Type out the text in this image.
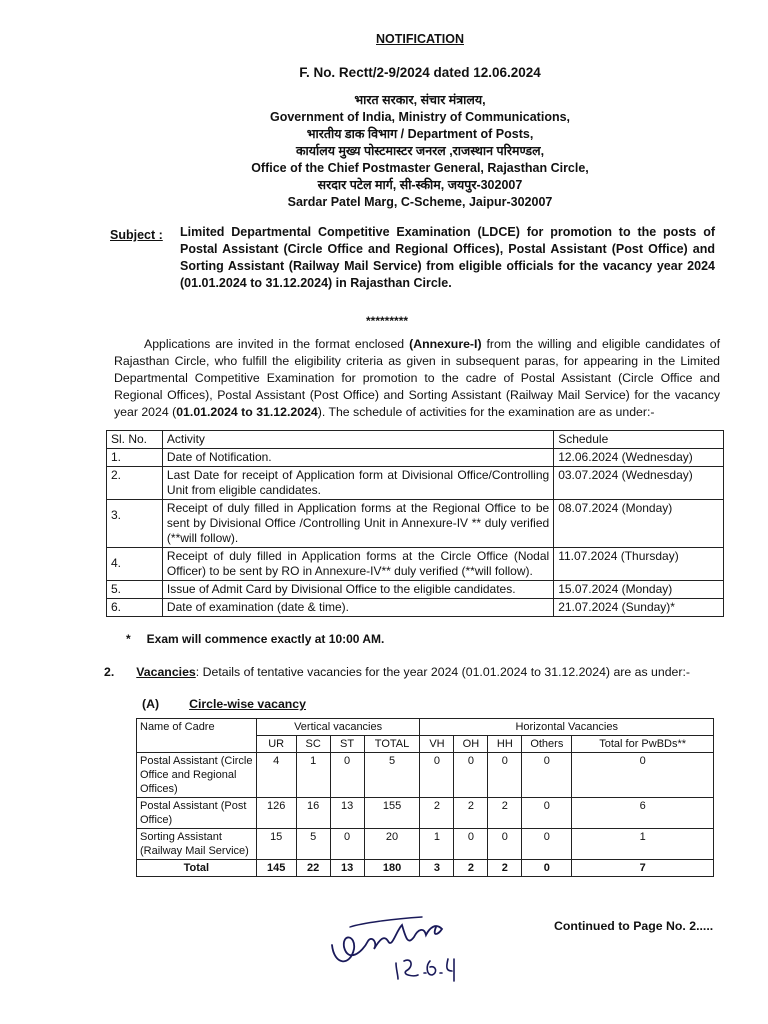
NOTIFICATION
F. No. Rectt/2-9/2024 dated 12.06.2024
भारत सरकार, संचार मंत्रालय,
Government of India, Ministry of Communications,
भारतीय डाक विभाग / Department of Posts,
कार्यालय मुख्य पोस्टमास्टर जनरल ,राजस्थान परिमण्डल,
Office of the Chief Postmaster General, Rajasthan Circle,
सरदार पटेल मार्ग, सी-स्कीम, जयपुर-302007
Sardar Patel Marg, C-Scheme, Jaipur-302007
Subject : Limited Departmental Competitive Examination (LDCE) for promotion to the posts of Postal Assistant (Circle Office and Regional Offices), Postal Assistant (Post Office) and Sorting Assistant (Railway Mail Service) from eligible officials for the vacancy year 2024 (01.01.2024 to 31.12.2024) in Rajasthan Circle.
*********
Applications are invited in the format enclosed (Annexure-I) from the willing and eligible candidates of Rajasthan Circle, who fulfill the eligibility criteria as given in subsequent paras, for appearing in the Limited Departmental Competitive Examination for promotion to the cadre of Postal Assistant (Circle Office and Regional Offices), Postal Assistant (Post Office) and Sorting Assistant (Railway Mail Service) for the vacancy year 2024 (01.01.2024 to 31.12.2024). The schedule of activities for the examination are as under:-
Sl. No.	Activity	Schedule
1.	Date of Notification.	12.06.2024 (Wednesday)
2.	Last Date for receipt of Application form at Divisional Office/Controlling Unit from eligible candidates.	03.07.2024 (Wednesday)
3.	Receipt of duly filled in Application forms at the Regional Office to be sent by Divisional Office /Controlling Unit in Annexure-IV ** duly verified (**will follow).	08.07.2024 (Monday)
4.	Receipt of duly filled in Application forms at the Circle Office (Nodal Officer) to be sent by RO in Annexure-IV** duly verified (**will follow).	11.07.2024 (Thursday)
5.	Issue of Admit Card by Divisional Office to the eligible candidates.	15.07.2024 (Monday)
6.	Date of examination (date & time).	21.07.2024 (Sunday)*
* Exam will commence exactly at 10:00 AM.
2. Vacancies: Details of tentative vacancies for the year 2024 (01.01.2024 to 31.12.2024) are as under:-
(A) Circle-wise vacancy
Name of Cadre	Vertical vacancies				Horizontal Vacancies				
	UR	SC	ST	TOTAL	VH	OH	HH	Others	Total for PwBDs**
Postal Assistant (Circle Office and Regional Offices)	4	1	0	5	0	0	0	0	0
Postal Assistant (Post Office)	126	16	13	155	2	2	2	0	6
Sorting Assistant (Railway Mail Service)	15	5	0	20	1	0	0	0	1
Total	145	22	13	180	3	2	2	0	7
Continued to Page No. 2.....
